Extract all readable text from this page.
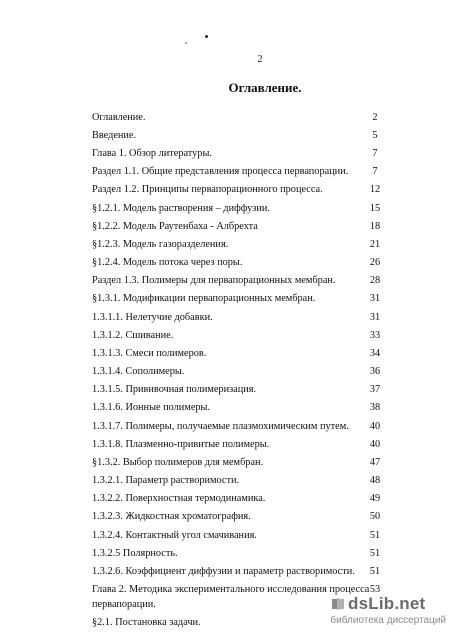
2
Оглавление.
Оглавление.	2
Введение.	5
Глава 1. Обзор литературы.	7
Раздел 1.1. Общие представления процесса первапорации.	7
Раздел 1.2. Принципы первапорационного процесса.	12
§1.2.1. Модель растворения – диффузии.	15
§1.2.2. Модель Раутенбаха - Албрехта	18
§1.2.3. Модель газоразделения.	21
§1.2.4. Модель потока через поры.	26
Раздел 1.3. Полимеры для первапорационных мембран.	28
§1.3.1. Модификации первапорационных мембран.	31
1.3.1.1. Нелетучие добавки.	31
1.3.1.2. Сшивание.	33
1.3.1.3. Смеси полимеров.	34
1.3.1.4. Сополимеры.	36
1.3.1.5. Прививочная полимеризация.	37
1.3.1.6. Ионные полимеры.	38
1.3.1.7. Полимеры, получаемые плазмохимическим путем.	40
1.3.1.8. Плазменно-привитые полимеры.	40
§1.3.2. Выбор полимеров для мембран.	47
1.3.2.1. Параметр растворимости.	48
1.3.2.2. Поверхностная термодинамика.	49
1.3.2.3. Жидкостная хроматография.	50
1.3.2.4. Контактный угол смачивания.	51
1.3.2.5 Полярность.	51
1.3.2.6. Коэффициент диффузии и параметр растворимости.	51
Глава 2. Методика экспериментального исследования процесса 53
первапорации.
§2.1. Постановка задачи.
dsLib.net
библиотека диссертаций
